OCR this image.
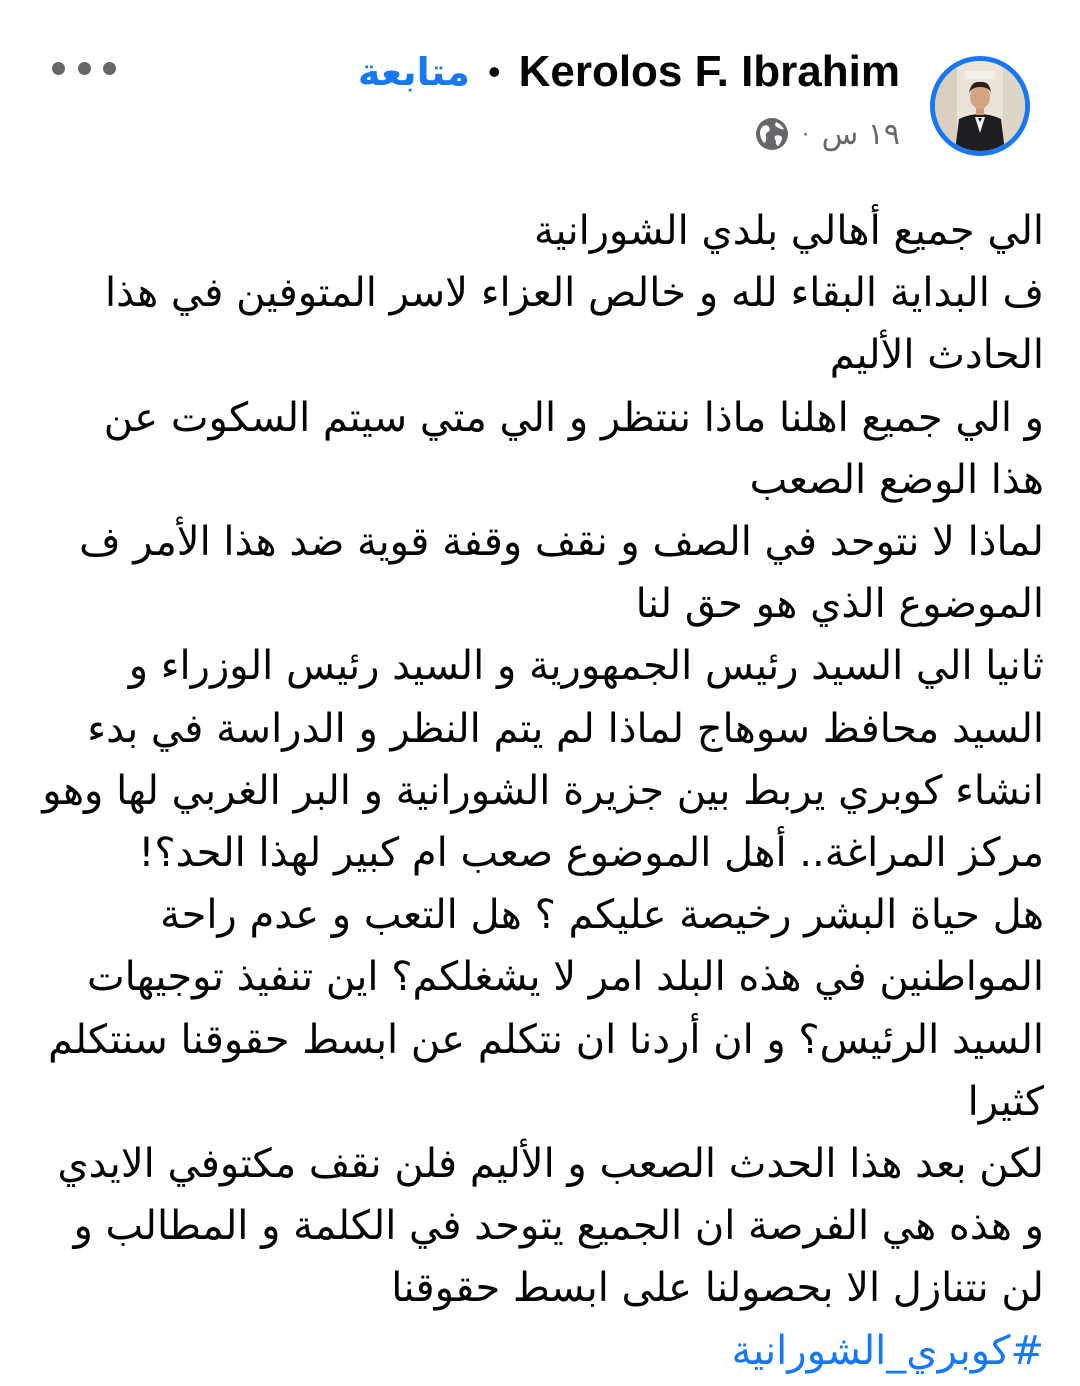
Kerolos F. Ibrahim
•
متابعة
١٩ س
·
الي جميع أهالي بلدي الشورانية
ف البداية البقاء لله و خالص العزاء لاسر المتوفين في هذا
الحادث الأليم
و الي جميع اهلنا ماذا ننتظر و الي متي سيتم السكوت عن
هذا الوضع الصعب
لماذا لا نتوحد في الصف و نقف وقفة قوية ضد هذا الأمر ف
الموضوع الذي هو حق لنا
ثانيا الي السيد رئيس الجمهورية و السيد رئيس الوزراء و
السيد محافظ سوهاج لماذا لم يتم النظر و الدراسة في بدء
انشاء كوبري يربط بين جزيرة الشورانية و البر الغربي لها وهو
مركز المراغة.. أهل الموضوع صعب ام كبير لهذا الحد؟!
هل حياة البشر رخيصة عليكم ؟ هل التعب و عدم راحة
المواطنين في هذه البلد امر لا يشغلكم؟ اين تنفيذ توجيهات
السيد الرئيس؟ و ان أردنا ان نتكلم عن ابسط حقوقنا سنتكلم
كثيرا
لكن بعد هذا الحدث الصعب و الأليم فلن نقف مكتوفي الايدي
و هذه هي الفرصة ان الجميع يتوحد في الكلمة و المطالب و
لن نتنازل الا بحصولنا على ابسط حقوقنا
#كوبري_الشورانية
